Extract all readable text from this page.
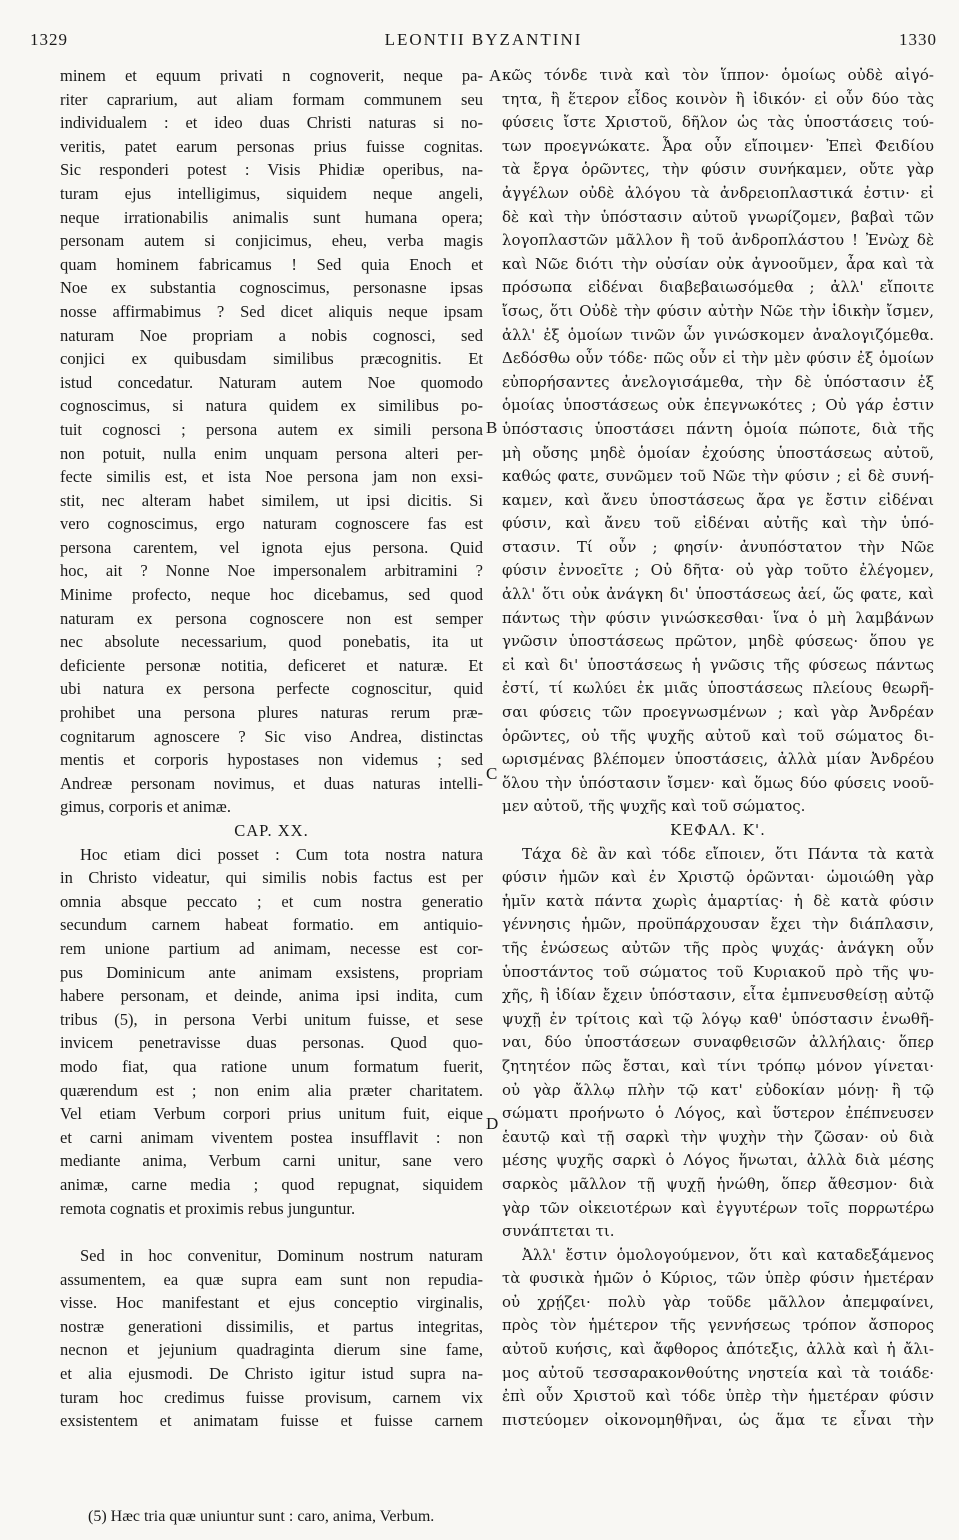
1329	LEONTII BYZANTINI	1330
minem et equum privati n cognoverit, neque pa-
riter caprarium, aut aliam formam communem seu
individualem : et ideo duas Christi naturas si no-
veritis, patet earum personas prius fuisse cognitas.
Sic responderi potest : Visis Phidiæ operibus, na-
turam ejus intelligimus, siquidem neque angeli,
neque irrationabilis animalis sunt humana opera;
personam autem si conjicimus, eheu, verba magis
quam hominem fabricamus ! Sed quia Enoch et
Noe ex substantia cognoscimus, personasne ipsas
nosse affirmabimus ? Sed dicet aliquis neque ipsam
naturam Noe propriam a nobis cognosci, sed
conjici ex quibusdam similibus præcognitis. Et
istud concedatur. Naturam autem Noe quomodo
cognoscimus, si natura quidem ex similibus po-
tuit cognosci ; persona autem ex simili persona
non potuit, nulla enim unquam persona alteri per-
fecte similis est, et ista Noe persona jam non exsi-
stit, nec alteram habet similem, ut ipsi dicitis. Si
vero cognoscimus, ergo naturam cognoscere fas est
persona carentem, vel ignota ejus persona. Quid
hoc, ait ? Nonne Noe impersonalem arbitramini ?
Minime profecto, neque hoc dicebamus, sed quod
naturam ex persona cognoscere non est semper
nec absolute necessarium, quod ponebatis, ita ut
deficiente personæ notitia, deficeret et naturæ. Et
ubi natura ex persona perfecte cognoscitur, quid
prohibet una persona plures naturas rerum præ-
cognitarum agnoscere ? Sic viso Andrea, distinctas
mentis et corporis hypostases non videmus ; sed
Andreæ personam novimus, et duas naturas intelli-
gimus, corporis et animæ.
CAP. XX.
Hoc etiam dici posset : Cum tota nostra natura
in Christo videatur, qui similis nobis factus est per
omnia absque peccato ; et cum nostra generatio
secundum carnem habeat formatio. em antiquio-
rem unione partium ad animam, necesse est cor-
pus Dominicum ante animam exsistens, propriam
habere personam, et deinde, anima ipsi indita, cum
tribus (5), in persona Verbi unitum fuisse, et sese
invicem penetravisse duas personas. Quod quo-
modo fiat, qua ratione unum formatum fuerit,
quærendum est ; non enim alia præter charitatem.
Vel etiam Verbum corpori prius unitum fuit, eique
et carni animam viventem postea insufflavit : non
mediante anima, Verbum carni unitur, sane vero
animæ, carne media ; quod repugnat, siquidem
remota cognatis et proximis rebus junguntur.
Sed in hoc convenitur, Dominum nostrum naturam
assumentem, ea quæ supra eam sunt non repudia-
visse. Hoc manifestant et ejus conceptio virginalis,
nostræ generationi dissimilis, et partus integritas,
necnon et jejunium quadraginta dierum sine fame,
et alia ejusmodi. De Christo igitur istud supra na-
turam hoc credimus fuisse provisum, carnem vix
exsistentem et animatam fuisse et fuisse carnem
κῶς τόνδε τινὰ καὶ τὸν ἵππον· ὁμοίως οὐδὲ αἰγό-
τητα, ἢ ἕτερον εἶδος κοινὸν ἢ ἰδικόν· εἰ οὖν δύο τὰς
φύσεις ἴστε Χριστοῦ, δῆλον ὡς τὰς ὑποστάσεις τού-
των προεγνώκατε. Ἆρα οὖν εἴποιμεν· Ἐπεὶ Φειδίου
τὰ ἔργα ὁρῶντες, τὴν φύσιν συνήκαμεν, οὔτε γὰρ
ἀγγέλων οὐδὲ ἀλόγου τὰ ἀνδρειοπλαστικά ἐστιν· εἰ
δὲ καὶ τὴν ὑπόστασιν αὐτοῦ γνωρίζομεν, βαβαὶ τῶν
λογοπλαστῶν μᾶλλον ἢ τοῦ ἀνδροπλάστου ! Ἐνὼχ δὲ
καὶ Νῶε διότι τὴν οὐσίαν οὐκ ἀγνοοῦμεν, ἆρα καὶ τὰ
πρόσωπα εἰδέναι διαβεβαιωσόμεθα ; ἀλλ' εἴποιτε
ἴσως, ὅτι Οὐδὲ τὴν φύσιν αὐτὴν Νῶε τὴν ἰδικὴν ἴσμεν,
ἀλλ' ἐξ ὁμοίων τινῶν ὧν γινώσκομεν ἀναλογιζόμεθα.
Δεδόσθω οὖν τόδε· πῶς οὖν εἰ τὴν μὲν φύσιν ἐξ ὁμοίων
εὐπορήσαντες ἀνελογισάμεθα, τὴν δὲ ὑπόστασιν ἐξ
ὁμοίας ὑποστάσεως οὐκ ἐπεγνωκότες ; Οὐ γάρ ἐστιν
ὑπόστασις ὑποστάσει πάντη ὁμοία πώποτε, διὰ τῆς
μὴ οὔσης μηδὲ ὁμοίαν ἐχούσης ὑποστάσεως αὐτοῦ,
καθώς φατε, συνῶμεν τοῦ Νῶε τὴν φύσιν ; εἰ δὲ συνή-
καμεν, καὶ ἄνευ ὑποστάσεως ἄρα γε ἔστιν εἰδέναι
φύσιν, καὶ ἄνευ τοῦ εἰδέναι αὐτῆς καὶ τὴν ὑπό-
στασιν. Τί οὖν ; φησίν· ἀνυπόστατον τὴν Νῶε
φύσιν ἐννοεῖτε ; Οὐ δῆτα· οὐ γὰρ τοῦτο ἐλέγομεν,
ἀλλ' ὅτι οὐκ ἀνάγκη δι' ὑποστάσεως ἀεί, ὥς φατε, καὶ
πάντως τὴν φύσιν γινώσκεσθαι· ἵνα ὁ μὴ λαμβάνων
γνῶσιν ὑποστάσεως πρῶτον, μηδὲ φύσεως· ὅπου γε
εἰ καὶ δι' ὑποστάσεως ἡ γνῶσις τῆς φύσεως πάντως
ἐστί, τί κωλύει ἐκ μιᾶς ὑποστάσεως πλείους θεωρῆ-
σαι φύσεις τῶν προεγνωσμένων ; καὶ γὰρ Ἀνδρέαν
ὁρῶντες, οὐ τῆς ψυχῆς αὐτοῦ καὶ τοῦ σώματος δι-
ωρισμένας βλέπομεν ὑποστάσεις, ἀλλὰ μίαν Ἀνδρέου
ὅλου τὴν ὑπόστασιν ἴσμεν· καὶ ὅμως δύο φύσεις νοοῦ-
μεν αὐτοῦ, τῆς ψυχῆς καὶ τοῦ σώματος.
ΚΕΦΑΛ. Κ'.
Τάχα δὲ ἂν καὶ τόδε εἴποιεν, ὅτι Πάντα τὰ κατὰ
φύσιν ἡμῶν καὶ ἐν Χριστῷ ὁρῶνται· ὡμοιώθη γὰρ
ἡμῖν κατὰ πάντα χωρὶς ἁμαρτίας· ἡ δὲ κατὰ φύσιν
γέννησις ἡμῶν, προϋπάρχουσαν ἔχει τὴν διάπλασιν,
τῆς ἑνώσεως αὐτῶν τῆς πρὸς ψυχάς· ἀνάγκη οὖν
ὑποστάντος τοῦ σώματος τοῦ Κυριακοῦ πρὸ τῆς ψυ-
χῆς, ἢ ἰδίαν ἔχειν ὑπόστασιν, εἶτα ἐμπνευσθείσῃ αὐτῷ
ψυχῇ ἐν τρίτοις καὶ τῷ λόγῳ καθ' ὑπόστασιν ἑνωθῆ-
ναι, δύο ὑποστάσεων συναφθεισῶν ἀλλήλαις· ὅπερ
ζητητέον πῶς ἔσται, καὶ τίνι τρόπῳ μόνον γίνεται·
οὐ γὰρ ἄλλῳ πλὴν τῷ κατ' εὐδοκίαν μόνῃ· ἢ τῷ
σώματι προήνωτο ὁ Λόγος, καὶ ὕστερον ἐπέπνευσεν
ἑαυτῷ καὶ τῇ σαρκὶ τὴν ψυχὴν τὴν ζῶσαν· οὐ διὰ
μέσης ψυχῆς σαρκὶ ὁ Λόγος ἥνωται, ἀλλὰ διὰ μέσης
σαρκὸς μᾶλλον τῇ ψυχῇ ἡνώθη, ὅπερ ἄθεσμον· διὰ
γὰρ τῶν οἰκειοτέρων καὶ ἐγγυτέρων τοῖς πορρωτέρω
συνάπτεται τι.
Ἀλλ' ἔστιν ὁμολογούμενον, ὅτι καὶ καταδεξάμενος
τὰ φυσικὰ ἡμῶν ὁ Κύριος, τῶν ὑπὲρ φύσιν ἡμετέραν
οὐ χρῄζει· πολὺ γὰρ τοῦδε μᾶλλον ἀπεμφαίνει,
πρὸς τὸν ἡμέτερον τῆς γεννήσεως τρόπον ἄσπορος
αὐτοῦ κυήσις, καὶ ἄφθορος ἀπότεξις, ἀλλὰ καὶ ἡ ἄλι-
μος αὐτοῦ τεσσαρακονθούτης νηστεία καὶ τὰ τοιάδε·
ἐπὶ οὖν Χριστοῦ καὶ τόδε ὑπὲρ τὴν ἡμετέραν φύσιν
πιστεύομεν οἰκονομηθῆναι, ὡς ἅμα τε εἶναι τὴν
A
B
C
D
(5) Hæc tria quæ uniuntur sunt : caro, anima, Verbum.
